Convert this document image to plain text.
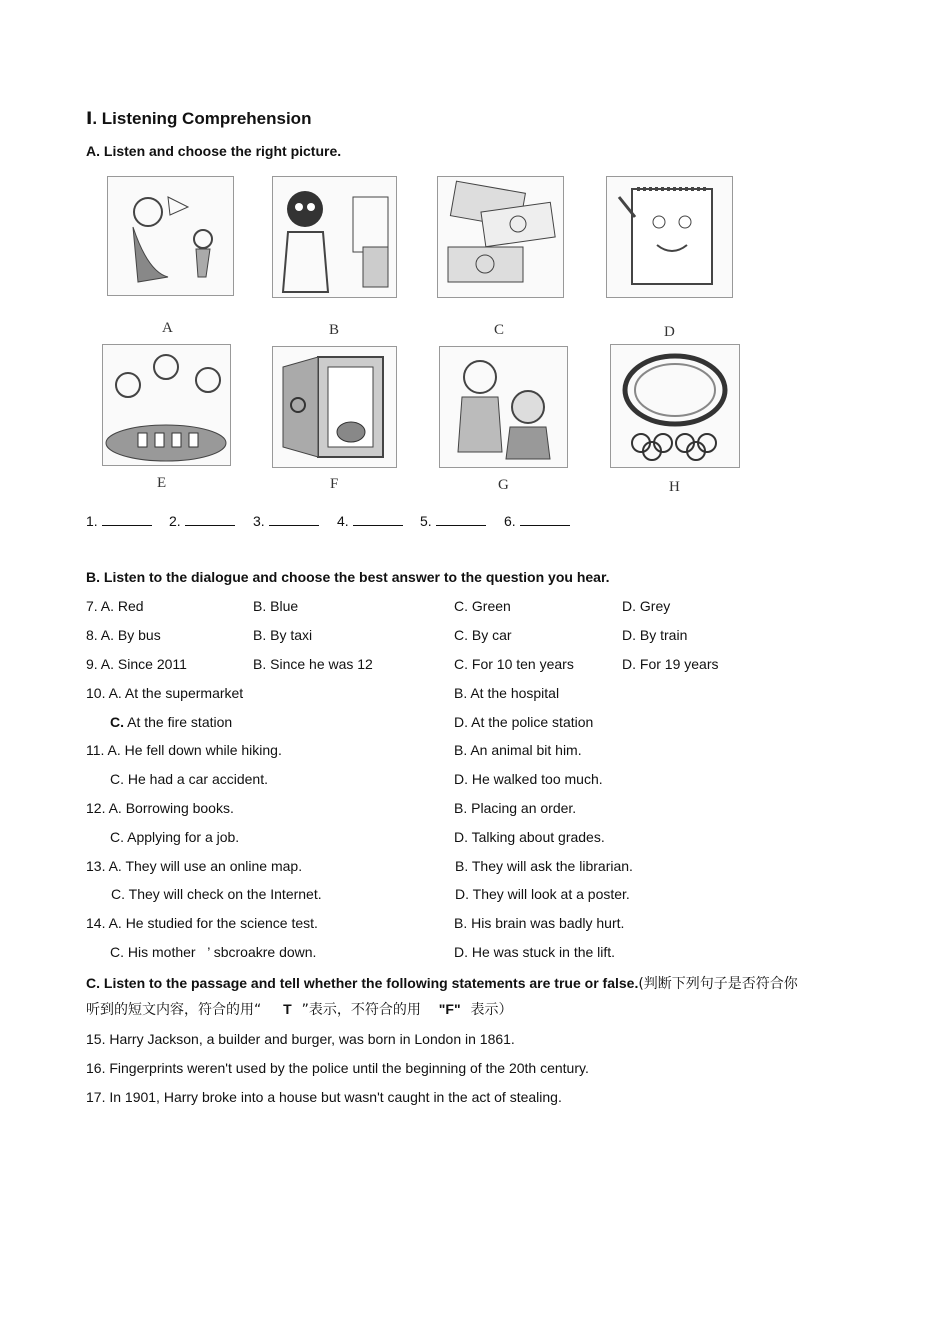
Ⅰ. Listening Comprehension
A. Listen and choose the right picture.
A	B	C	D
E	F	G	H
1.	2.	3.	4.	5.	6.
B. Listen to the dialogue and choose the best answer to the question you hear.
7. A. Red	B. Blue	C. Green	D. Grey
8. A. By bus	B. By taxi	C. By car	D. By train
9. A. Since 2011	B. Since he was 12	C. For 10 ten years	D. For 19 years
10. A. At the supermarket	B. At the hospital
C. At the fire station	D. At the police station
11. A. He fell down while hiking.	B. An animal bit him.
C. He had a car accident.	D. He walked too much.
12. A. Borrowing books.	B. Placing an order.
C. Applying for a job.	D. Talking about grades.
13. A. They will use an online map.	B. They will ask the librarian.
C. They will check on the Internet.	D. They will look at a poster.
14. A. He studied for the science test.	B. His brain was badly hurt.
C. His mother   ’ sbcroakre down.	D. He was stuck in the lift.
C. Listen to the passage and tell whether the following statements are true or false.(判断下列句子是否符合你
听到的短文内容，符合的用“ T ”表示，不符合的用 "F" 表示）
15. Harry Jackson, a builder and burger, was born in London in 1861.
16. Fingerprints weren't used by the police until the beginning of the 20th century.
17. In 1901, Harry broke into a house but wasn't caught in the act of stealing.
